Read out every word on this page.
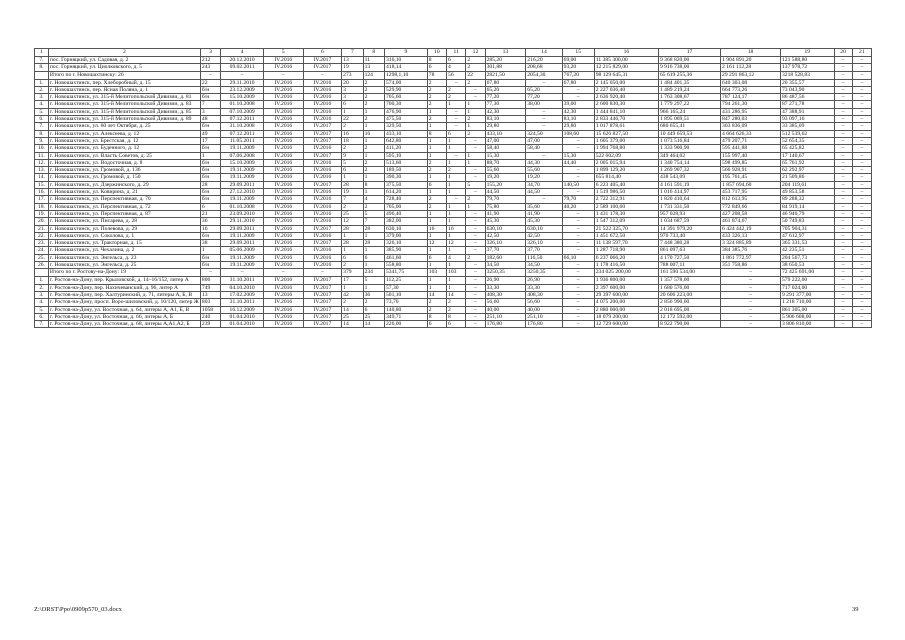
1	2	3	4	5	6	7	8	9	10	11	12	13	14	15	16	17	18	19	20	21
7.	пос. Горняцкий, ул. Садовая, д. 2	212	20.12.2010	IV.2016	IV.2017	13	11	316,10	8	6	2	285,20	216,20	69,00	11 385 300,00	9 368 820,00	1 904 891,20	121 588,80	–	–
8.	пос. Горняцкий, ул. Циолковского, д. 5	243	09.02.2011	IV.2016	IV.2017	19	13	418,14	6	4	2	301,88	208,68	93,20	12 215 829,00	9 916 738,00	2 161 112,28	137 978,72	–	–
	Итого по г. Новошахтинску: 26	–	–	–	–	273	124	1298,1,10	78	56	22	2821,50	2054,30	767,20	98 129 645,31	65 619 255,36	29 291 863,12	3218 528,83	–	–
1.	г. Новошахтинск, пер. Хлеборобный, д. 15	22	29.11.2010	IV.2016	IV.2016	20	2	574,00	2	–	2	67,80	–	67,80	2 145 050,00	1 484 401,35	640 303,08	20 355,57	–	–
2.	г. Новошахтинск, пер. Ясная Поляна, д. 1	б/н	23.12.2009	IV.2016	IV.2016	3	2	529,90	2	2	–	65,20	65,20	–	2 227 036,40	1 489 219,24	664 773,26	73 043,90	–	–
3.	г. Новошахтинск, ул. 315-й Мелитопольской Дивизии, д. 81	б/н	15.10.2009	IV.2016	IV.2016	3	2	705,60	2	2	–	77,20	77,20	–	2 636 920,40	1 763 308,67	787 124,17	86 487,56	–	–
4.	г. Новошахтинск, ул. 315-й Мелитопольской Дивизии, д. 83	7	01.10.2008	IV.2016	IV.2016	6	2	700,30	2	1	1	77,30	38,00	39,00	2 600 830,30	1 779 297,22	794 261,30	87 271,78	–	–
5.	г. Новошахтинск, ул. 315-й Мелитопольской Дивизии, д. 85	3	07.10.2009	IV.2016	IV.2016	1	1	476,90	1	–	1	42,30	–	42,30	1 444 841,10	966 165,24	431 286,95	47 388,91	–	–
6.	г. Новошахтинск, ул. 315-й Мелитопольской Дивизии, д. 89	48	07.12.2011	IV.2016	IV.2016	22	2	475,50	2	–	2	83,10	–	83,10	2 833 446,70	1 895 069,51	847 280,03	93 097,16	–	–
7.	г. Новошахтинск, ул. 60 лет Октября, д. 25	б/н	31.10.2008	IV.2016	IV.2017	2	1	329,50	1	–	1	29,80	–	29,80	1 017 878,61	680 655,41	303 836,09	33 385,09	–	–
8.	г. Новошахтинск, ул. Алексеева, д. 12	49	07.12.2011	IV.2016	IV.2017	16	16	433,10	8	6	2	433,10	324,50	108,60	15 626 827,50	10 449 659,53	4 664 626,33	512 539,62	–	–
9.	г. Новошахтинск, ул. Брестская, д. 12	17	11.05.2011	IV.2016	IV.2017	18	1	642,80	1	1	–	47,00	47,00	–	1 605 379,00	1 073 516,84	479 207,71	52 654,35	–	–
10.	г. Новошахтинск, ул. Буденного, д. 12	б/н	19.11.2009	IV.2016	IV.2016	2	2	411,20	1	1	–	58,40	58,40	–	1 994 768,80	1 333 900,90	595 441,88	65 425,82	–	–
11.	г. Новошахтинск, ул. Власть Советов, д. 25	1	07.06.2008	IV.2016	IV.2017	9	1	595,10	1	–	1	15,30	–	15,30	522 602,09	349 464,02	155 997,40	17 140,67	–	–
12.	г. Новошахтинск, ул. Водосточная, д. 8	б/н	15.10.2009	IV.2016	IV.2016	5	2	513,60	2	1	1	88,70	44,30	44,40	2 005 015,94	1 340 754,14	598 499,85	65 761,92	–	–
13.	г. Новошахтинск, ул. Громовой, д. 136	б/н	19.11.2009	IV.2016	IV.2016	6	2	189,50	2	2	–	55,60	55,60	–	1 899 129,20	1 269 907,32	566 928,91	62 292,97	–	–
14.	г. Новошахтинск, ул. Громовой, д. 150	б/н	19.11.2009	IV.2016	IV.2016	1	1	390,30	1	1	–	19,20	19,20	–	655 814,40	438 543,09	195 761,45	21 509,86	–	–
15.	г. Новошахтинск, ул. Дзержинского, д. 29	28	29.09.2011	IV.2016	IV.2017	28	8	375,50	6	1	5	155,20	34,70	140,50	6 223 405,40	4 161 591,19	1 857 694,60	204 119,61	–	–
16.	г. Новошахтинск, ул. Ковирина, д. 21	б/н	27.12.2010	IV.2016	IV.2016	19	1	614,20	1	1	–	44,50	44,50	–	1 519 986,50	1 016 414,97	453 717,95	49 853,58	–	–
17.	г. Новошахтинск, ул. Перспективная, д. 70	б/н	19.11.2009	IV.2016	IV.2016	7	4	728,40	2	–	2	79,70	–	79,70	2 722 312,91	1 820 410,64	812 613,95	89 288,32	–	–
18.	г. Новошахтинск, ул. Перспективная, д. 72	6	01.10.2008	IV.2016	IV.2016	2	2	705,00	2	1	1	75,80	35,60	40,20	2 589 100,60	1 731 331,50	772 849,66	84 919,14	–	–
19.	г. Новошахтинск, ул. Перспективная, д. 87	21	23.09.2010	IV.2016	IV.2016	25	5	496,40	1	1	–	41,90	41,90	–	1 431 178,30	957 028,93	427 208,58	46 940,79	–	–
20.	г. Новошахтинск, ул. Писарева, д. 28	36	29.11.2010	IV.2016	IV.2016	12	7	382,00	1	1	–	45,30	45,30	–	1 547 312,09	1 034 687,59	461 874,67	50 749,83	–	–
21.	г. Новошахтинск, ул. Полевова, д. 29	16	29.09.2011	IV.2016	IV.2017	28	28	630,10	16	16	–	630,10	630,10	–	21 522 325,70	14 391 979,20	6 424 442,19	705 904,31	–	–
22.	г. Новошахтинск, ул. Соколова, д. 1	б/н	19.11.2009	IV.2016	IV.2016	1	1	379,00	1	1	–	42,50	42,50	–	1 451 672,50	970 733,40	433 326,13	47 612,97	–	–
23.	г. Новошахтинск, ул. Тракторная, д. 15	38	29.09.2011	IV.2016	IV.2017	28	28	326,10	12	12	–	326,10	326,10	–	11 138 597,70	7 448 380,28	3 324 885,89	365 331,53	–	–
24.	г. Новошахтинск, ул. Чехалина, д. 2	1	05.06.2009	IV.2016	IV.2016	1	1	385,90	1	1	–	37,70	37,70	–	1 287 718,90	861 097,63	384 385,76	42 235,51	–	–
25.	г. Новошахтинск, ул. Энгельса, д. 23	б/н	19.11.2009	IV.2016	IV.2016	6	6	461,60	6	4	2	182,60	116,50	66,10	6 237 066,20	4 170 727,50	1 861 772,97	204 567,73	–	–
26.	г. Новошахтинск, ул. Энгельса, д. 25	б/н	19.11.2009	IV.2016	IV.2016	2	1	558,80	1	1	–	34,50	34,50	–	1 178 416,50	788 007,11	351 758,86	38 650,53	–	–
	Итого по г. Ростову-на-Дону: 19	–	–	–	–	379	234	5341,75	103	103	–	3250,35	3250,35	–	234 025 200,00	161 590 534,00	–	72 425 691,00	–	–
1.	г. Ростов-на-Дону, пер. Крыловской, д. 14–16/152, литер А	806	31.10.2011	IV.2016	IV.2017	17	5	112,25	1	1	–	26,90	26,90	–	1 936 800,00	1 357 578,00	–	579 222,00	–	–
2.	г. Ростов-на-Дону, пер. Нахичеванский, д. 96, литер А	749	04.10.2010	IV.2016	IV.2017	1	1	57,30	1	1	–	33,30	33,30	–	2 397 600,00	1 680 576,00	–	717 024,00	–	–
3.	г. Ростов-на-Дону, пер. Халтуринский, д. 71, литеры А, Б, В	13	17.02.2009	IV.2016	IV.2017	42	36	501,10	14	14	–	408,30	408,30	–	29 397 600,00	20 606 223,00	–	9 291 377,00	–	–
4.	г. Ростов-на-Дону, просп. Воро-шиловский, д. 10/120, литер Ж	803	31.10.2011	IV.2016	IV.2017	2	2	73,70	2	2	–	56,60	56,60	–	4 075 200,00	2 856 990,00	–	1 218 710,00	–	–
5.	г. Ростов-на-Дону, ул. Восточная, д. 64, литеры А, А1, Б, В	1058	16.12.2009	IV.2016	IV.2017	14	6	140,80	2	2	–	40,00	40,00	–	2 880 000,00	2 018 695,00	–	861 305,00	–	–
6.	г. Ростов-на-Дону, ул. Восточная, д. 66, литеры А, Б	240	01.04.2010	IV.2016	IV.2017	25	25	349,71	8	8	–	251,10	251,10	–	18 079 200,00	12 172 592,00	–	5 906 608,00	–	–
7.	г. Ростов-на-Дону, ул. Восточная, д. 68, литеры А,А1,А2, Б	239	01.04.2010	IV.2016	IV.2017	14	14	226,00	6	6	–	176,80	176,80	–	12 729 600,00	8 922 790,00	–	3 806 810,00	–	–
Z:\ORST\Ppo\0909p570_03.docx	39
